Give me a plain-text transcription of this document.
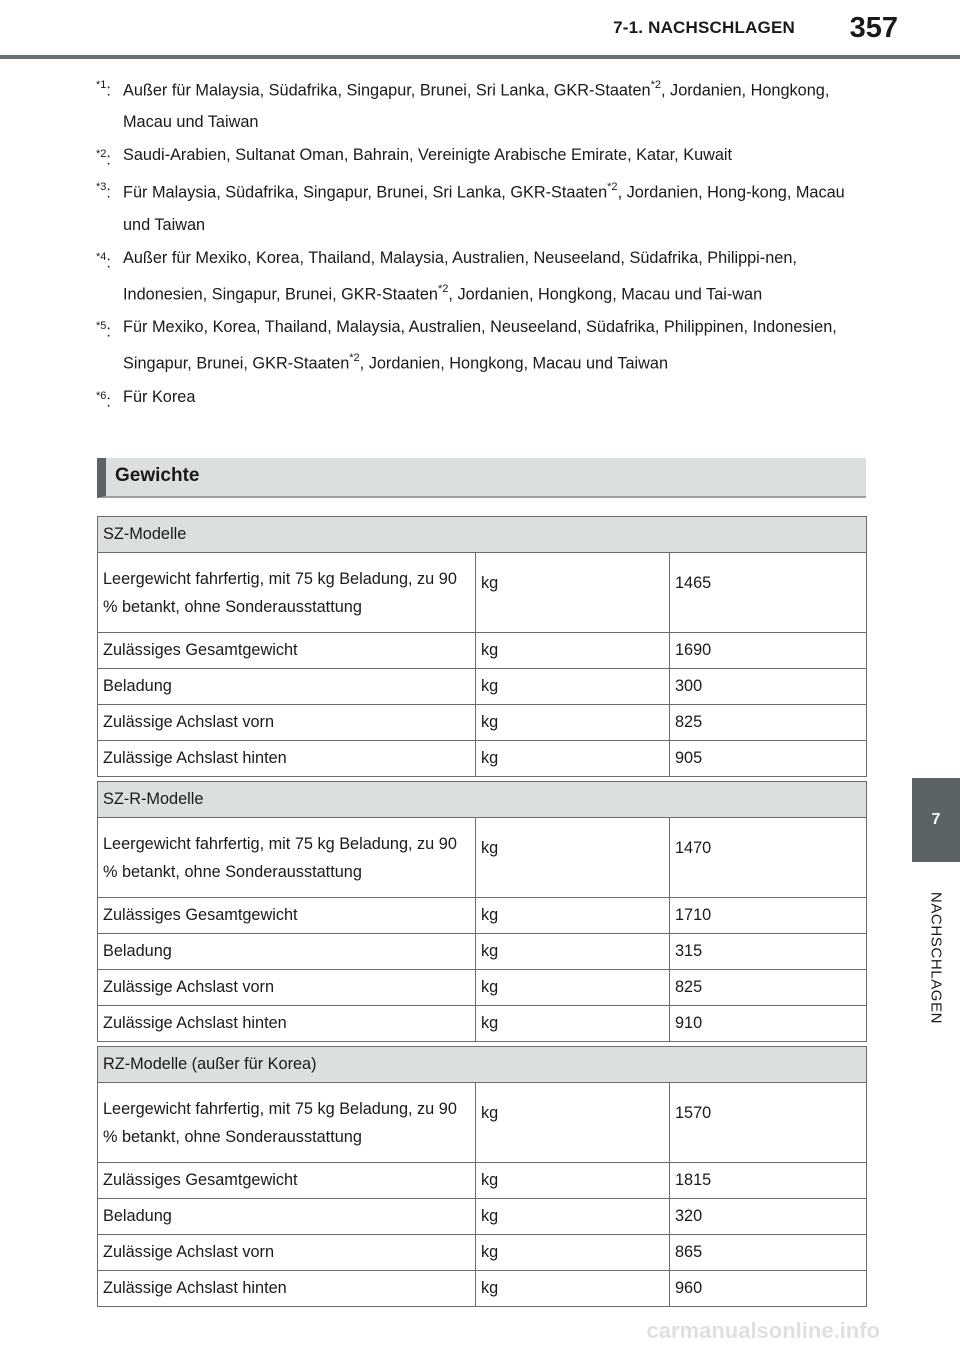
7-1. NACHSCHLAGEN 357
7
NACHSCHLAGEN
$^{*1}$: Außer für Malaysia, Südafrika, Singapur, Brunei, Sri Lanka, GKR-Staaten$^{*2}$, Jordanien, Hongkong, Macau und Taiwan
$^{*2}$: Saudi-Arabien, Sultanat Oman, Bahrain, Vereinigte Arabische Emirate, Katar, Kuwait
$^{*3}$: Für Malaysia, Südafrika, Singapur, Brunei, Sri Lanka, GKR-Staaten$^{*2}$, Jordanien, Hong-kong, Macau und Taiwan
$^{*4}$: Außer für Mexiko, Korea, Thailand, Malaysia, Australien, Neuseeland, Südafrika, Philippi-nen, Indonesien, Singapur, Brunei, GKR-Staaten$^{*2}$, Jordanien, Hongkong, Macau und Tai-wan
$^{*5}$: Für Mexiko, Korea, Thailand, Malaysia, Australien, Neuseeland, Südafrika, Philippinen, Indonesien, Singapur, Brunei, GKR-Staaten$^{*2}$, Jordanien, Hongkong, Macau und Taiwan
$^{*6}$: Für Korea
Gewichte
SZ-Modelle		
Leergewicht fahrfertig, mit 75 kg Beladung, zu 90 % betankt, ohne Sonderausstattung	kg	1465
Zulässiges Gesamtgewicht	kg	1690
Beladung	kg	300
Zulässige Achslast vorn	kg	825
Zulässige Achslast hinten	kg	905
SZ-R-Modelle		
Leergewicht fahrfertig, mit 75 kg Beladung, zu 90 % betankt, ohne Sonderausstattung	kg	1470
Zulässiges Gesamtgewicht	kg	1710
Beladung	kg	315
Zulässige Achslast vorn	kg	825
Zulässige Achslast hinten	kg	910
RZ-Modelle (außer für Korea)		
Leergewicht fahrfertig, mit 75 kg Beladung, zu 90 % betankt, ohne Sonderausstattung	kg	1570
Zulässiges Gesamtgewicht	kg	1815
Beladung	kg	320
Zulässige Achslast vorn	kg	865
Zulässige Achslast hinten	kg	960
carmanualsonline.info
